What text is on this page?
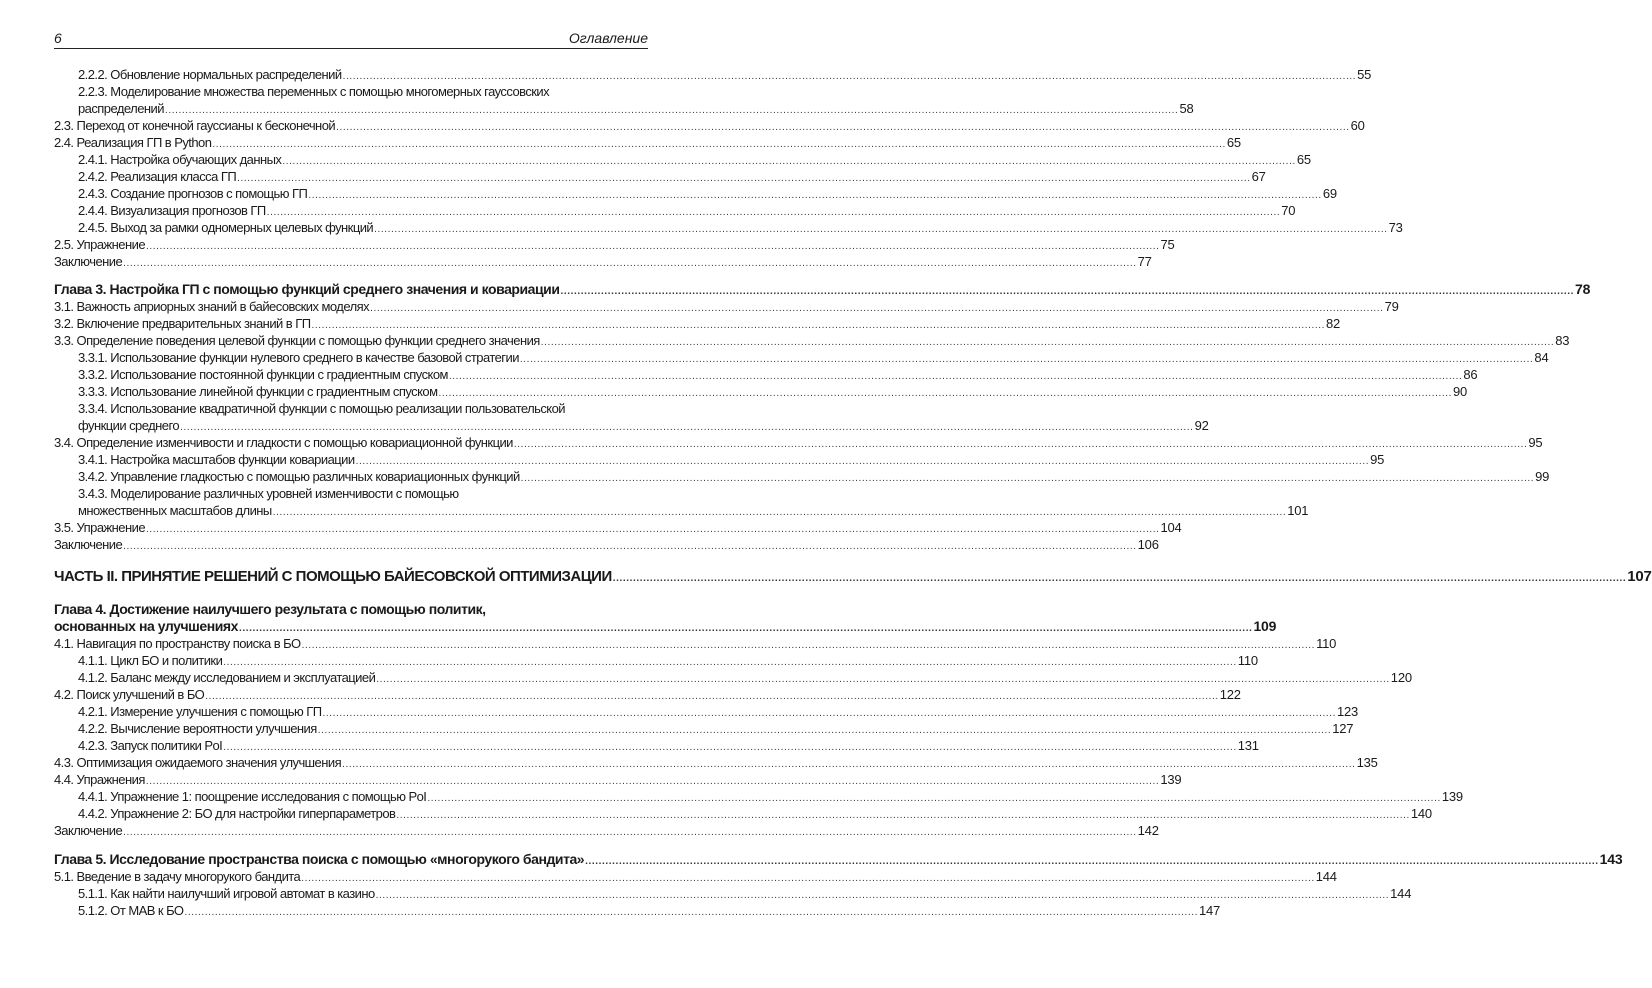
6	Оглавление
2.2.2. Обновление нормальных распределений ............................................................................................................................................................................................................................................................................................................ 55
2.2.3. Моделирование множества переменных с помощью многомерных гауссовских
распределений ............................................................................................................................................................................................................................................................................................................ 58
2.3. Переход от конечной гауссианы к бесконечной ............................................................................................................................................................................................................................................................................................................ 60
2.4. Реализация ГП в Python ............................................................................................................................................................................................................................................................................................................ 65
2.4.1. Настройка обучающих данных ............................................................................................................................................................................................................................................................................................................ 65
2.4.2. Реализация класса ГП ............................................................................................................................................................................................................................................................................................................ 67
2.4.3. Создание прогнозов с помощью ГП ............................................................................................................................................................................................................................................................................................................ 69
2.4.4. Визуализация прогнозов ГП ............................................................................................................................................................................................................................................................................................................ 70
2.4.5. Выход за рамки одномерных целевых функций ............................................................................................................................................................................................................................................................................................................ 73
2.5. Упражнение ............................................................................................................................................................................................................................................................................................................ 75
Заключение ............................................................................................................................................................................................................................................................................................................ 77
Глава 3. Настройка ГП с помощью функций среднего значения и ковариации ............................................................................................................................................................................................................................................................................................................ 78
3.1. Важность априорных знаний в байесовских моделях ............................................................................................................................................................................................................................................................................................................ 79
3.2. Включение предварительных знаний в ГП ............................................................................................................................................................................................................................................................................................................ 82
3.3. Определение поведения целевой функции с помощью функции среднего значения ............................................................................................................................................................................................................................................................................................................ 83
3.3.1. Использование функции нулевого среднего в качестве базовой стратегии ............................................................................................................................................................................................................................................................................................................ 84
3.3.2. Использование постоянной функции с градиентным спуском ............................................................................................................................................................................................................................................................................................................ 86
3.3.3. Использование линейной функции с градиентным спуском ............................................................................................................................................................................................................................................................................................................ 90
3.3.4. Использование квадратичной функции с помощью реализации пользовательской
функции среднего ............................................................................................................................................................................................................................................................................................................ 92
3.4. Определение изменчивости и гладкости с помощью ковариационной функции ............................................................................................................................................................................................................................................................................................................ 95
3.4.1. Настройка масштабов функции ковариации ............................................................................................................................................................................................................................................................................................................ 95
3.4.2. Управление гладкостью с помощью различных ковариационных функций ............................................................................................................................................................................................................................................................................................................ 99
3.4.3. Моделирование различных уровней изменчивости с помощью
множественных масштабов длины ............................................................................................................................................................................................................................................................................................................ 101
3.5. Упражнение ............................................................................................................................................................................................................................................................................................................ 104
Заключение ............................................................................................................................................................................................................................................................................................................ 106
ЧАСТЬ II. ПРИНЯТИЕ РЕШЕНИЙ С ПОМОЩЬЮ БАЙЕСОВСКОЙ ОПТИМИЗАЦИИ ............................................................................................................................................................................................................................................................................................................ 107
Глава 4. Достижение наилучшего результата с помощью политик,
основанных на улучшениях ............................................................................................................................................................................................................................................................................................................ 109
4.1. Навигация по пространству поиска в БО ............................................................................................................................................................................................................................................................................................................ 110
4.1.1. Цикл БО и политики ............................................................................................................................................................................................................................................................................................................ 110
4.1.2. Баланс между исследованием и эксплуатацией ............................................................................................................................................................................................................................................................................................................ 120
4.2. Поиск улучшений в БО ............................................................................................................................................................................................................................................................................................................ 122
4.2.1. Измерение улучшения с помощью ГП ............................................................................................................................................................................................................................................................................................................ 123
4.2.2. Вычисление вероятности улучшения ............................................................................................................................................................................................................................................................................................................ 127
4.2.3. Запуск политики PoI ............................................................................................................................................................................................................................................................................................................ 131
4.3. Оптимизация ожидаемого значения улучшения ............................................................................................................................................................................................................................................................................................................ 135
4.4. Упражнения ............................................................................................................................................................................................................................................................................................................ 139
4.4.1. Упражнение 1: поощрение исследования с помощью PoI ............................................................................................................................................................................................................................................................................................................ 139
4.4.2. Упражнение 2: БО для настройки гиперпараметров ............................................................................................................................................................................................................................................................................................................ 140
Заключение ............................................................................................................................................................................................................................................................................................................ 142
Глава 5. Исследование пространства поиска с помощью «многорукого бандита» ............................................................................................................................................................................................................................................................................................................ 143
5.1. Введение в задачу многорукого бандита ............................................................................................................................................................................................................................................................................................................ 144
5.1.1. Как найти наилучший игровой автомат в казино ............................................................................................................................................................................................................................................................................................................ 144
5.1.2. От МАВ к БО ............................................................................................................................................................................................................................................................................................................ 147
